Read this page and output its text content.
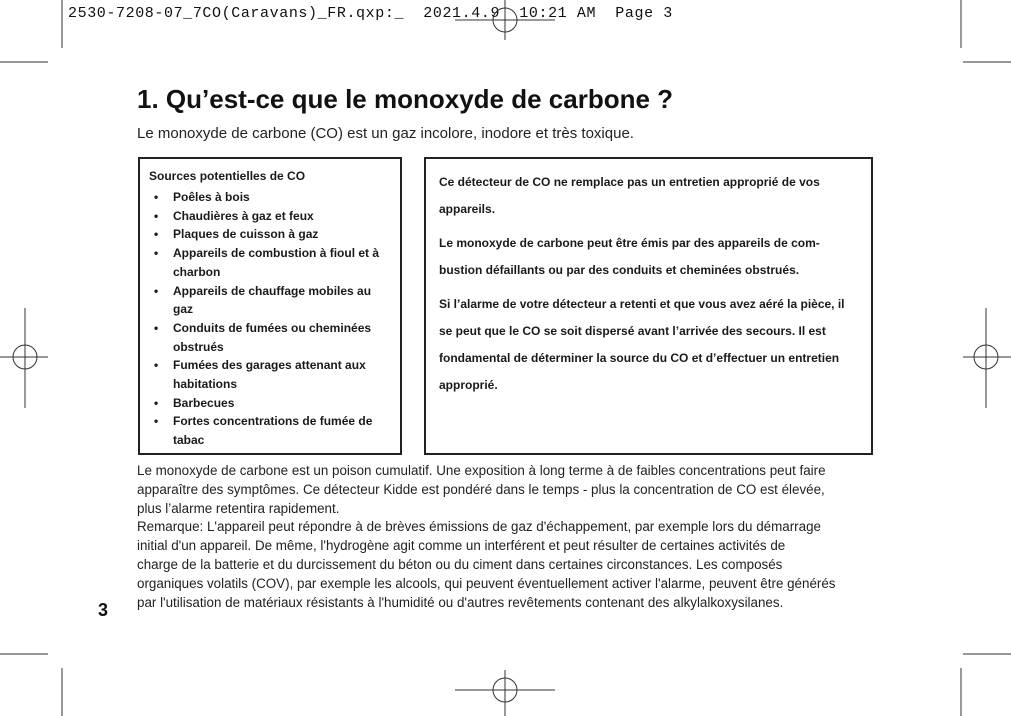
2530-7208-07_7CO(Caravans)_FR.qxp:_  2021.4.9  10:21 AM  Page 3
1. Qu’est-ce que le monoxyde de carbone ?

Le monoxyde de carbone (CO) est un gaz incolore, inodore et très toxique.

Sources potentielles de CO

• Poêles à bois
• Chaudières à gaz et feux
• Plaques de cuisson à gaz
• Appareils de combustion à fioul et à charbon
• Appareils de chauffage mobiles au gaz
• Conduits de fumées ou cheminées obstrués
• Fumées des garages attenant aux habitations
• Barbecues
• Fortes concentrations de fumée de tabac

Ce détecteur de CO ne remplace pas un entretien approprié de vos appareils.

Le monoxyde de carbone peut être émis par des appareils de com-bustion défaillants ou par des conduits et cheminées obstrués.

Si l’alarme de votre détecteur a retenti et que vous avez aéré la pièce, il se peut que le CO se soit dispersé avant l’arrivée des secours. Il est fondamental de déterminer la source du CO et d’effectuer un entretien approprié.

Le monoxyde de carbone est un poison cumulatif. Une exposition à long terme à de faibles concentrations peut faire

apparaître des symptômes. Ce détecteur Kidde est pondéré dans le temps - plus la concentration de CO est élevée,

plus l’alarme retentira rapidement.

Remarque: L'appareil peut répondre à de brèves émissions de gaz d'échappement, par exemple lors du démarrage

initial d'un appareil. De même, l'hydrogène agit comme un interférent et peut résulter de certaines activités de

charge de la batterie et du durcissement du béton ou du ciment dans certaines circonstances. Les composés

organiques volatils (COV), par exemple les alcools, qui peuvent éventuellement activer l'alarme, peuvent être générés

par l'utilisation de matériaux résistants à l'humidité ou d'autres revêtements contenant des alkylalkoxysilanes.

3
